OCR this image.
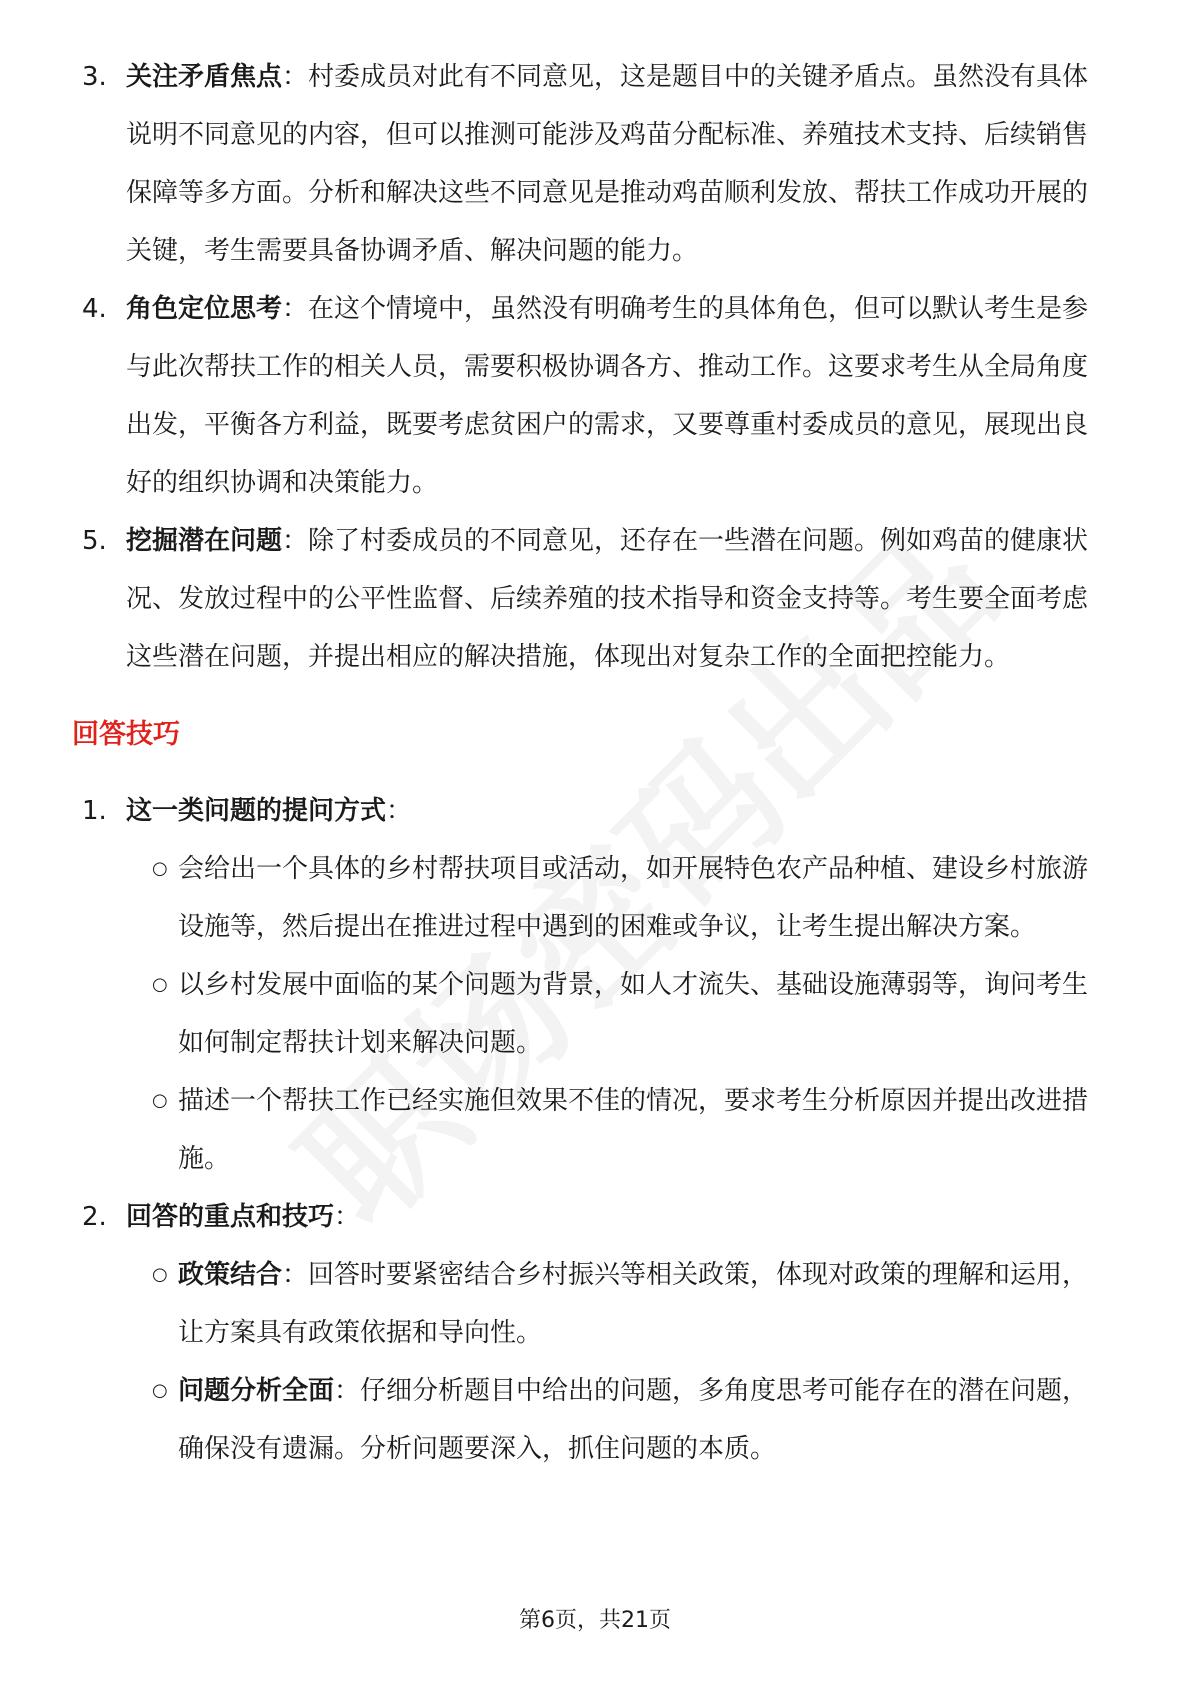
3. 关注矛盾焦点：村委成员对此有不同意见，这是题目中的关键矛盾点。虽然没有具体说明不同意见的内容，但可以推测可能涉及鸡苗分配标准、养殖技术支持、后续销售保障等多方面。分析和解决这些不同意见是推动鸡苗顺利发放、帮扶工作成功开展的关键，考生需要具备协调矛盾、解决问题的能力。

4. 角色定位思考：在这个情境中，虽然没有明确考生的具体角色，但可以默认考生是参与此次帮扶工作的相关人员，需要积极协调各方、推动工作。这要求考生从全局角度出发，平衡各方利益，既要考虑贫困户的需求，又要尊重村委成员的意见，展现出良好的组织协调和决策能力。

5. 挖掘潜在问题：除了村委成员的不同意见，还存在一些潜在问题。例如鸡苗的健康状况、发放过程中的公平性监督、后续养殖的技术指导和资金支持等。考生要全面考虑这些潜在问题，并提出相应的解决措施，体现出对复杂工作的全面把控能力。

回答技巧
1. 这一类问题的提问方式：

○ 会给出一个具体的乡村帮扶项目或活动，如开展特色农产品种植、建设乡村旅游设施等，然后提出在推进过程中遇到的困难或争议，让考生提出解决方案。

○ 以乡村发展中面临的某个问题为背景，如人才流失、基础设施薄弱等，询问考生如何制定帮扶计划来解决问题。

○ 描述一个帮扶工作已经实施但效果不佳的情况，要求考生分析原因并提出改进措施。

2. 回答的重点和技巧：

○ 政策结合：回答时要紧密结合乡村振兴等相关政策，体现对政策的理解和运用，让方案具有政策依据和导向性。

○ 问题分析全面：仔细分析题目中给出的问题，多角度思考可能存在的潜在问题，确保没有遗漏。分析问题要深入，抓住问题的本质。

第6页，共21页
